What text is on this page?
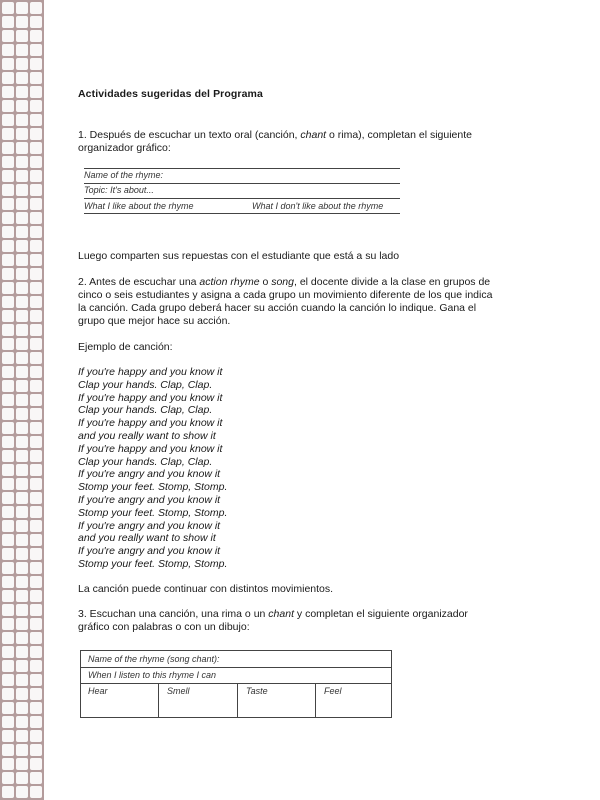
Actividades sugeridas del Programa
1. Después de escuchar un texto oral (canción, chant o rima), completan el siguiente
organizador gráfico:
Name of the rhyme:
Topic: It's about...
What I like about the rhyme	What I don't like about the rhyme
Luego comparten sus repuestas con el estudiante que está a su lado
2. Antes de escuchar una action rhyme o song, el docente divide a la clase en grupos de
cinco o seis estudiantes y asigna a cada grupo un movimiento diferente de los que indica
la canción. Cada grupo deberá hacer su acción cuando la canción lo indique. Gana el
grupo que mejor hace su acción.
Ejemplo de canción:
If you're happy and you know it
Clap your hands. Clap, Clap.
If you're happy and you know it
Clap your hands. Clap, Clap.
If you're happy and you know it
and you really want to show it
If you're happy and you know it
Clap your hands. Clap, Clap.
If you're angry and you know it
Stomp your feet. Stomp, Stomp.
If you're angry and you know it
Stomp your feet. Stomp, Stomp.
If you're angry and you know it
and you really want to show it
If you're angry and you know it
Stomp your feet. Stomp, Stomp.
La canción puede continuar con distintos movimientos.
3. Escuchan una canción, una rima o un chant y completan el siguiente organizador
gráfico con palabras o con un dibujo:
Name of the rhyme (song chant):
When I listen to this rhyme I can
Hear	Smell	Taste	Feel
